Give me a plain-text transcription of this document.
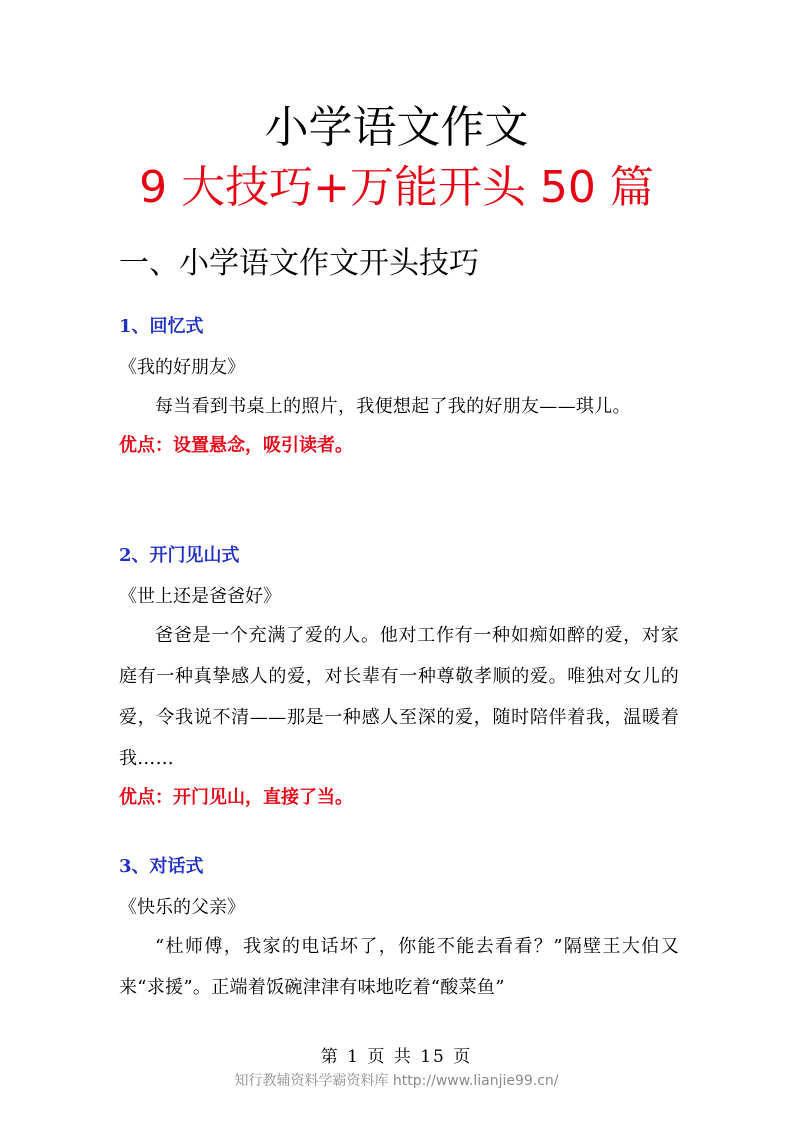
小学语文作文
9 大技巧+万能开头 50 篇
一、小学语文作文开头技巧
1、回忆式
《我的好朋友》
每当看到书桌上的照片，我便想起了我的好朋友——琪儿。
优点：设置悬念，吸引读者。
2、开门见山式
《世上还是爸爸好》
爸爸是一个充满了爱的人。他对工作有一种如痴如醉的爱，对家庭有一种真挚感人的爱，对长辈有一种尊敬孝顺的爱。唯独对女儿的爱，令我说不清——那是一种感人至深的爱，随时陪伴着我，温暖着我……
优点：开门见山，直接了当。
3、对话式
《快乐的父亲》
“杜师傅，我家的电话坏了，你能不能去看看？”隔壁王大伯又来“求援”。正端着饭碗津津有味地吃着“酸菜鱼”
第 1 页 共 15 页
知行教辅资料学霸资料库 http://www.lianjie99.cn/
